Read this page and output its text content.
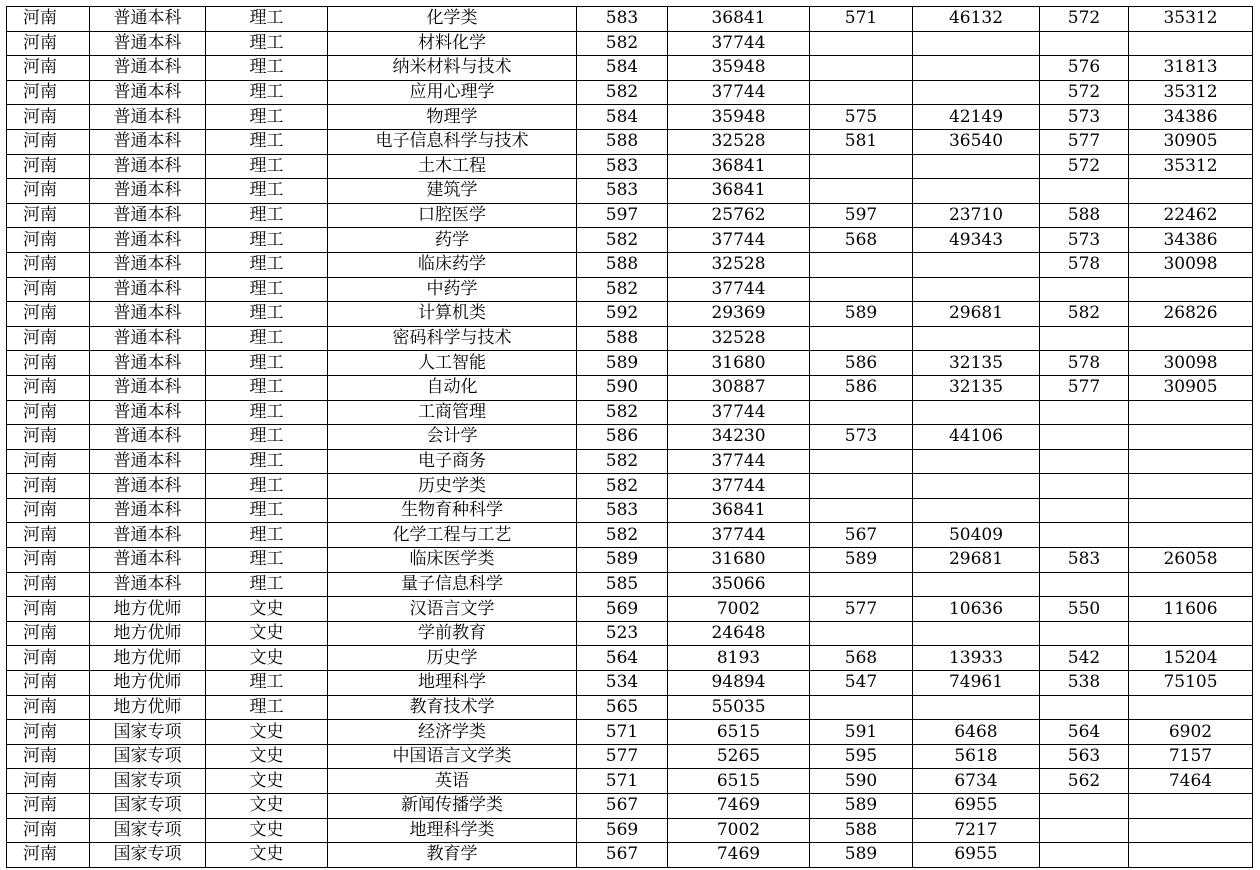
河南	普通本科	理工	化学类	583	36841	571	46132	572	35312
河南	普通本科	理工	材料化学	582	37744				
河南	普通本科	理工	纳米材料与技术	584	35948			576	31813
河南	普通本科	理工	应用心理学	582	37744			572	35312
河南	普通本科	理工	物理学	584	35948	575	42149	573	34386
河南	普通本科	理工	电子信息科学与技术	588	32528	581	36540	577	30905
河南	普通本科	理工	土木工程	583	36841			572	35312
河南	普通本科	理工	建筑学	583	36841				
河南	普通本科	理工	口腔医学	597	25762	597	23710	588	22462
河南	普通本科	理工	药学	582	37744	568	49343	573	34386
河南	普通本科	理工	临床药学	588	32528			578	30098
河南	普通本科	理工	中药学	582	37744				
河南	普通本科	理工	计算机类	592	29369	589	29681	582	26826
河南	普通本科	理工	密码科学与技术	588	32528				
河南	普通本科	理工	人工智能	589	31680	586	32135	578	30098
河南	普通本科	理工	自动化	590	30887	586	32135	577	30905
河南	普通本科	理工	工商管理	582	37744				
河南	普通本科	理工	会计学	586	34230	573	44106		
河南	普通本科	理工	电子商务	582	37744				
河南	普通本科	理工	历史学类	582	37744				
河南	普通本科	理工	生物育种科学	583	36841				
河南	普通本科	理工	化学工程与工艺	582	37744	567	50409		
河南	普通本科	理工	临床医学类	589	31680	589	29681	583	26058
河南	普通本科	理工	量子信息科学	585	35066				
河南	地方优师	文史	汉语言文学	569	7002	577	10636	550	11606
河南	地方优师	文史	学前教育	523	24648				
河南	地方优师	文史	历史学	564	8193	568	13933	542	15204
河南	地方优师	理工	地理科学	534	94894	547	74961	538	75105
河南	地方优师	理工	教育技术学	565	55035				
河南	国家专项	文史	经济学类	571	6515	591	6468	564	6902
河南	国家专项	文史	中国语言文学类	577	5265	595	5618	563	7157
河南	国家专项	文史	英语	571	6515	590	6734	562	7464
河南	国家专项	文史	新闻传播学类	567	7469	589	6955		
河南	国家专项	文史	地理科学类	569	7002	588	7217		
河南	国家专项	文史	教育学	567	7469	589	6955		
